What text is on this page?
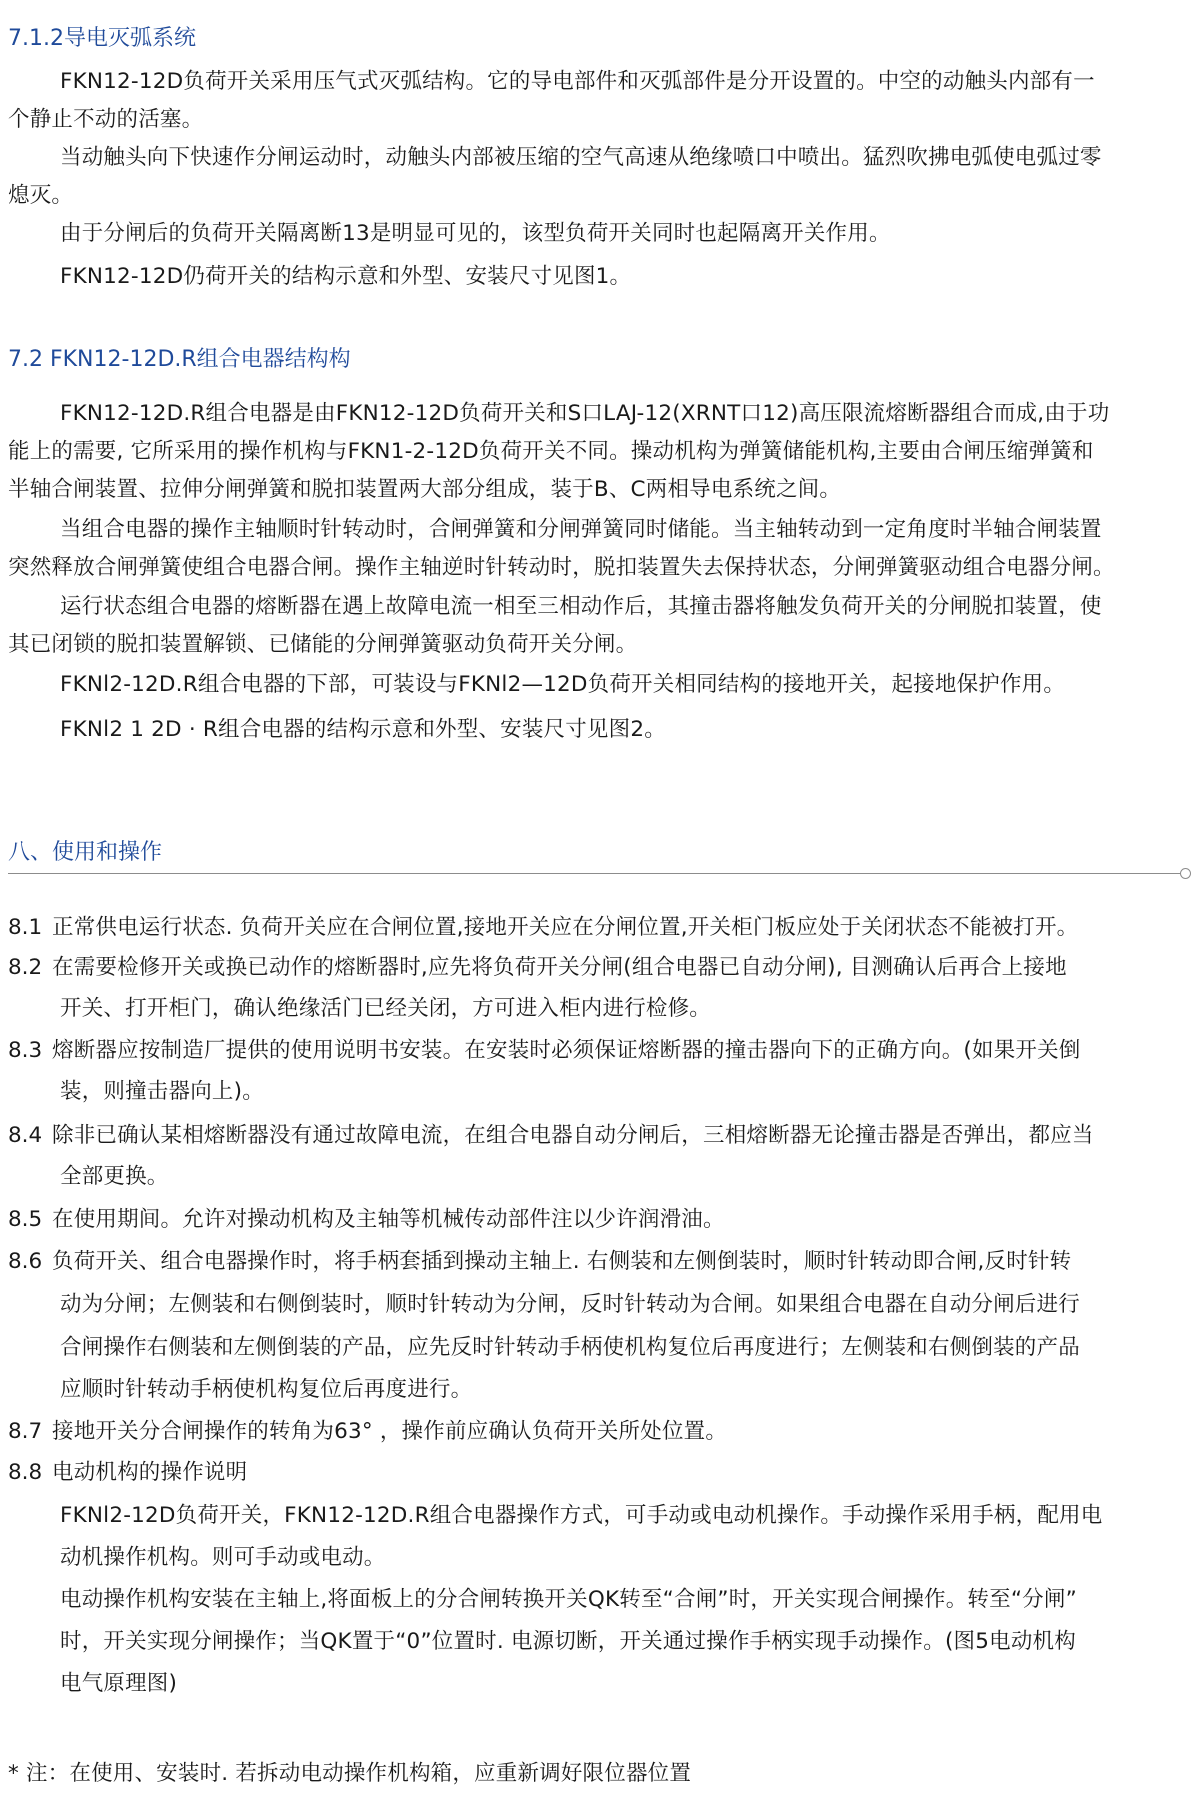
7.1.2导电灭弧系统
FKN12-12D负荷开关采用压气式灭弧结构。它的导电部件和灭弧部件是分开设置的。中空的动触头内部有一
个静止不动的活塞。
当动触头向下快速作分闸运动时，动触头内部被压缩的空气高速从绝缘喷口中喷出。猛烈吹拂电弧使电弧过零
熄灭。
由于分闸后的负荷开关隔离断13是明显可见的，该型负荷开关同时也起隔离开关作用。
FKN12-12D仍荷开关的结构示意和外型、安装尺寸见图1。
7.2 FKN12-12D.R组合电器结构构
FKN12-12D.R组合电器是由FKN12-12D负荷开关和S口LAJ-12(XRNT口12)高压限流熔断器组合而成,由于功
能上的需要, 它所采用的操作机构与FKN1-2-12D负荷开关不同。操动机构为弹簧储能机构,主要由合闸压缩弹簧和
半轴合闸装置、拉伸分闸弹簧和脱扣装置两大部分组成，装于B、C两相导电系统之间。
当组合电器的操作主轴顺时针转动时，合闸弹簧和分闸弹簧同时储能。当主轴转动到一定角度时半轴合闸装置
突然释放合闸弹簧使组合电器合闸。操作主轴逆时针转动时，脱扣装置失去保持状态，分闸弹簧驱动组合电器分闸。
运行状态组合电器的熔断器在遇上故障电流一相至三相动作后，其撞击器将触发负荷开关的分闸脱扣装置，使
其已闭锁的脱扣装置解锁、已储能的分闸弹簧驱动负荷开关分闸。
FKNl2-12D.R组合电器的下部，可装设与FKNl2—12D负荷开关相同结构的接地开关，起接地保护作用。
FKNl2 1 2D · R组合电器的结构示意和外型、安装尺寸见图2。
八、使用和操作
8.1 正常供电运行状态. 负荷开关应在合闸位置,接地开关应在分闸位置,开关柜门板应处于关闭状态不能被打开。
8.2 在需要检修开关或换已动作的熔断器时,应先将负荷开关分闸(组合电器已自动分闸), 目测确认后再合上接地
开关、打开柜门，确认绝缘活门已经关闭，方可进入柜内进行检修。
8.3 熔断器应按制造厂提供的使用说明书安装。在安装时必须保证熔断器的撞击器向下的正确方向。(如果开关倒
装，则撞击器向上)。
8.4 除非已确认某相熔断器没有通过故障电流，在组合电器自动分闸后，三相熔断器无论撞击器是否弹出，都应当
全部更换。
8.5 在使用期间。允许对操动机构及主轴等机械传动部件注以少许润滑油。
8.6 负荷开关、组合电器操作时，将手柄套插到操动主轴上. 右侧装和左侧倒装时，顺时针转动即合闸,反时针转
动为分闸；左侧装和右侧倒装时，顺时针转动为分闸，反时针转动为合闸。如果组合电器在自动分闸后进行
合闸操作右侧装和左侧倒装的产品，应先反时针转动手柄使机构复位后再度进行；左侧装和右侧倒装的产品
应顺时针转动手柄使机构复位后再度进行。
8.7 接地开关分合闸操作的转角为63° ，操作前应确认负荷开关所处位置。
8.8 电动机构的操作说明
FKNl2-12D负荷开关，FKN12-12D.R组合电器操作方式，可手动或电动机操作。手动操作采用手柄，配用电
动机操作机构。则可手动或电动。
电动操作机构安装在主轴上,将面板上的分合闸转换开关QK转至“合闸”时，开关实现合闸操作。转至“分闸”
时，开关实现分闸操作；当QK置于“0”位置时. 电源切断，开关通过操作手柄实现手动操作。(图5电动机构
电气原理图)
* 注：在使用、安装时. 若拆动电动操作机构箱，应重新调好限位器位置
